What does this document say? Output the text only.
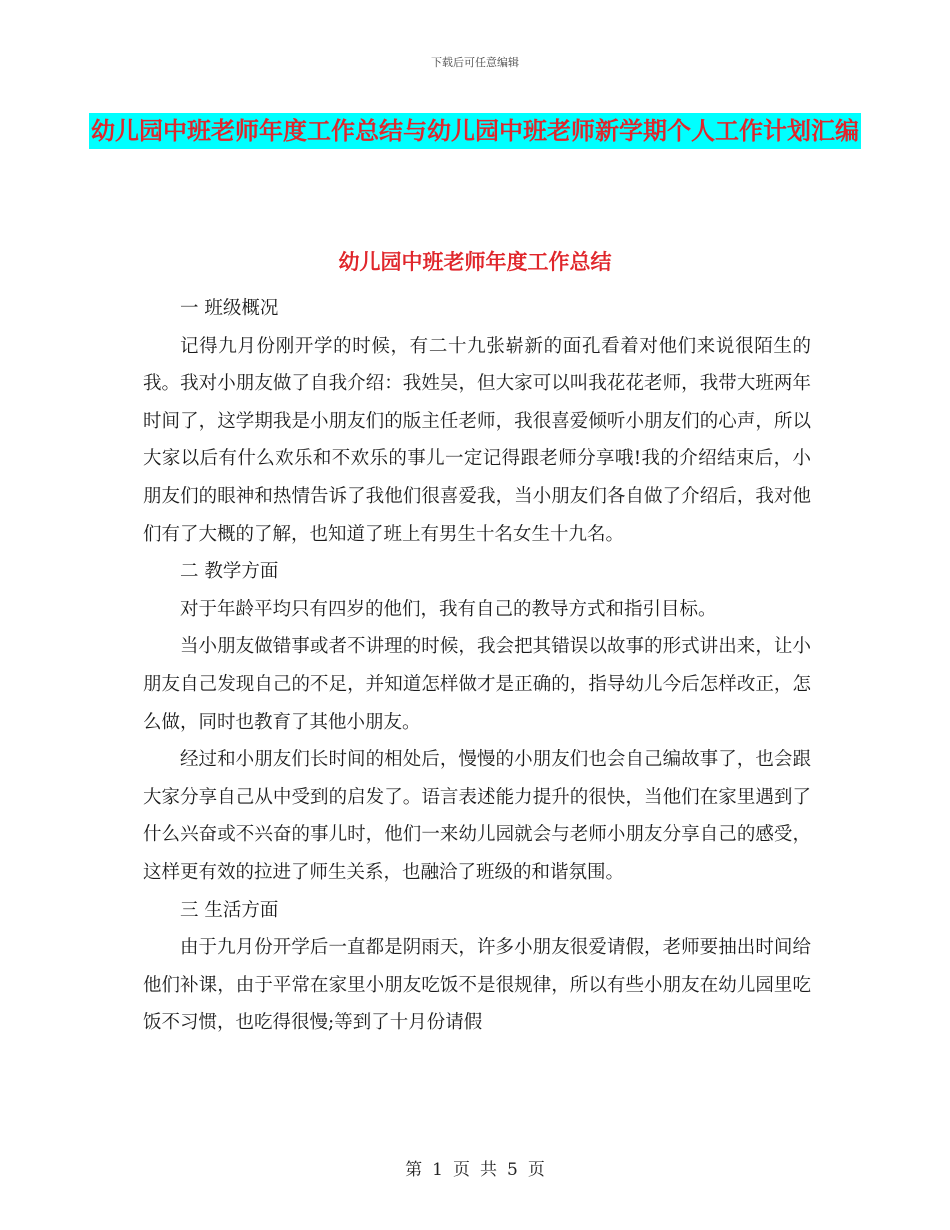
下载后可任意编辑
幼儿园中班老师年度工作总结与幼儿园中班老师新学期个人工作计划汇编
幼儿园中班老师年度工作总结

一 班级概况

记得九月份刚开学的时候，有二十九张崭新的面孔看着对他们来说很陌生的我。我对小朋友做了自我介绍：我姓吴，但大家可以叫我花花老师，我带大班两年时间了，这学期我是小朋友们的版主任老师，我很喜爱倾听小朋友们的心声，所以大家以后有什么欢乐和不欢乐的事儿一定记得跟老师分享哦!我的介绍结束后，小朋友们的眼神和热情告诉了我他们很喜爱我，当小朋友们各自做了介绍后，我对他们有了大概的了解，也知道了班上有男生十名女生十九名。

二 教学方面

对于年龄平均只有四岁的他们，我有自己的教导方式和指引目标。

当小朋友做错事或者不讲理的时候，我会把其错误以故事的形式讲出来，让小朋友自己发现自己的不足，并知道怎样做才是正确的，指导幼儿今后怎样改正，怎么做，同时也教育了其他小朋友。

经过和小朋友们长时间的相处后，慢慢的小朋友们也会自己编故事了，也会跟大家分享自己从中受到的启发了。语言表述能力提升的很快，当他们在家里遇到了什么兴奋或不兴奋的事儿时，他们一来幼儿园就会与老师小朋友分享自己的感受，这样更有效的拉进了师生关系，也融洽了班级的和谐氛围。

三 生活方面

由于九月份开学后一直都是阴雨天，许多小朋友很爱请假，老师要抽出时间给他们补课，由于平常在家里小朋友吃饭不是很规律，所以有些小朋友在幼儿园里吃饭不习惯，也吃得很慢;等到了十月份请假

第 1 页 共 5 页
